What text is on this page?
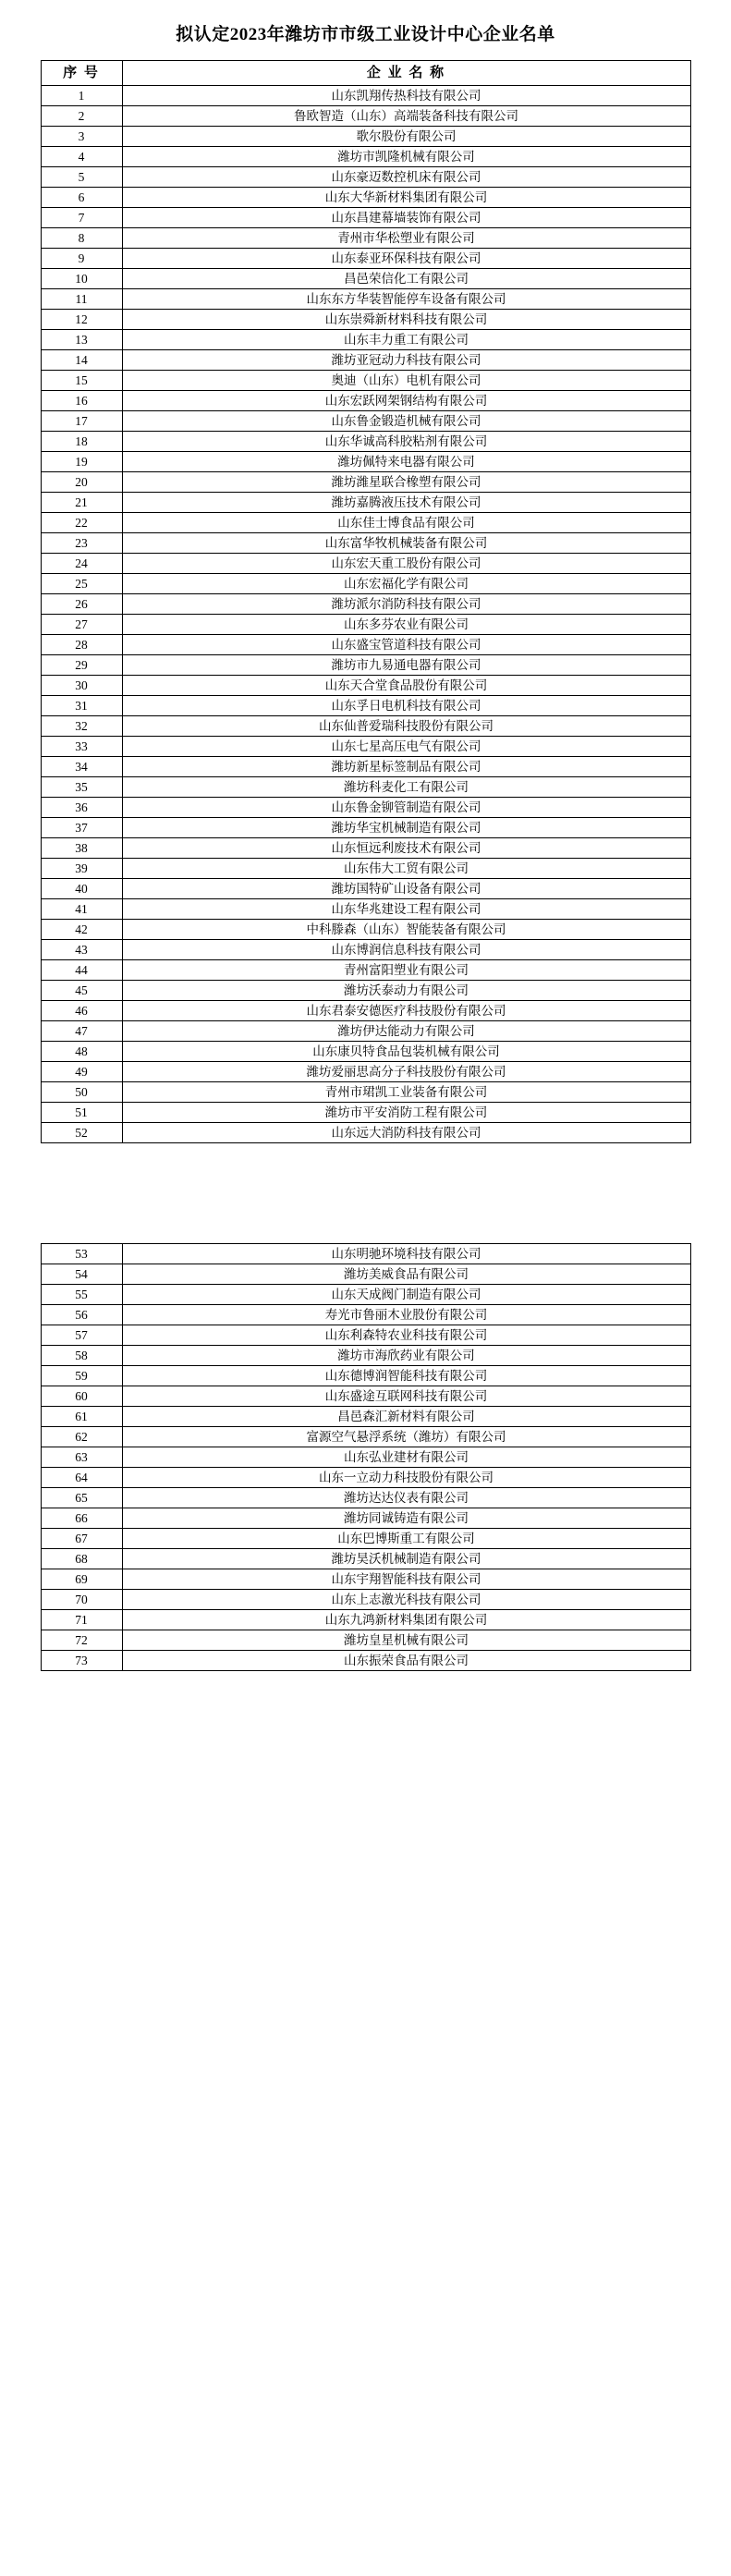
拟认定2023年潍坊市市级工业设计中心企业名单
序 号	企 业 名 称
1	山东凯翔传热科技有限公司
2	鲁欧智造（山东）高端装备科技有限公司
3	歌尔股份有限公司
4	潍坊市凯隆机械有限公司
5	山东豪迈数控机床有限公司
6	山东大华新材料集团有限公司
7	山东昌建幕墙装饰有限公司
8	青州市华松塑业有限公司
9	山东泰亚环保科技有限公司
10	昌邑荣信化工有限公司
11	山东东方华装智能停车设备有限公司
12	山东崇舜新材料科技有限公司
13	山东丰力重工有限公司
14	潍坊亚冠动力科技有限公司
15	奥迪（山东）电机有限公司
16	山东宏跃网架钢结构有限公司
17	山东鲁金锻造机械有限公司
18	山东华诚高科胶粘剂有限公司
19	潍坊佩特来电器有限公司
20	潍坊潍星联合橡塑有限公司
21	潍坊嘉腾液压技术有限公司
22	山东佳士博食品有限公司
23	山东富华牧机械装备有限公司
24	山东宏天重工股份有限公司
25	山东宏福化学有限公司
26	潍坊派尔消防科技有限公司
27	山东多芬农业有限公司
28	山东盛宝管道科技有限公司
29	潍坊市九易通电器有限公司
30	山东天合堂食品股份有限公司
31	山东孚日电机科技有限公司
32	山东仙普爱瑞科技股份有限公司
33	山东七星高压电气有限公司
34	潍坊新星标签制品有限公司
35	潍坊科麦化工有限公司
36	山东鲁金铆管制造有限公司
37	潍坊华宝机械制造有限公司
38	山东恒远利废技术有限公司
39	山东伟大工贸有限公司
40	潍坊国特矿山设备有限公司
41	山东华兆建设工程有限公司
42	中科滕森（山东）智能装备有限公司
43	山东博润信息科技有限公司
44	青州富阳塑业有限公司
45	潍坊沃泰动力有限公司
46	山东君泰安德医疗科技股份有限公司
47	潍坊伊达能动力有限公司
48	山东康贝特食品包装机械有限公司
49	潍坊爱丽思高分子科技股份有限公司
50	青州市珺凯工业装备有限公司
51	潍坊市平安消防工程有限公司
52	山东远大消防科技有限公司
53	山东明驰环境科技有限公司
54	潍坊美威食品有限公司
55	山东天成阀门制造有限公司
56	寿光市鲁丽木业股份有限公司
57	山东利森特农业科技有限公司
58	潍坊市海欣药业有限公司
59	山东德博润智能科技有限公司
60	山东盛途互联网科技有限公司
61	昌邑森汇新材料有限公司
62	富源空气悬浮系统（潍坊）有限公司
63	山东弘业建材有限公司
64	山东一立动力科技股份有限公司
65	潍坊达达仪表有限公司
66	潍坊同诚铸造有限公司
67	山东巴博斯重工有限公司
68	潍坊昊沃机械制造有限公司
69	山东宇翔智能科技有限公司
70	山东上志激光科技有限公司
71	山东九鸿新材料集团有限公司
72	潍坊皇星机械有限公司
73	山东振荣食品有限公司
